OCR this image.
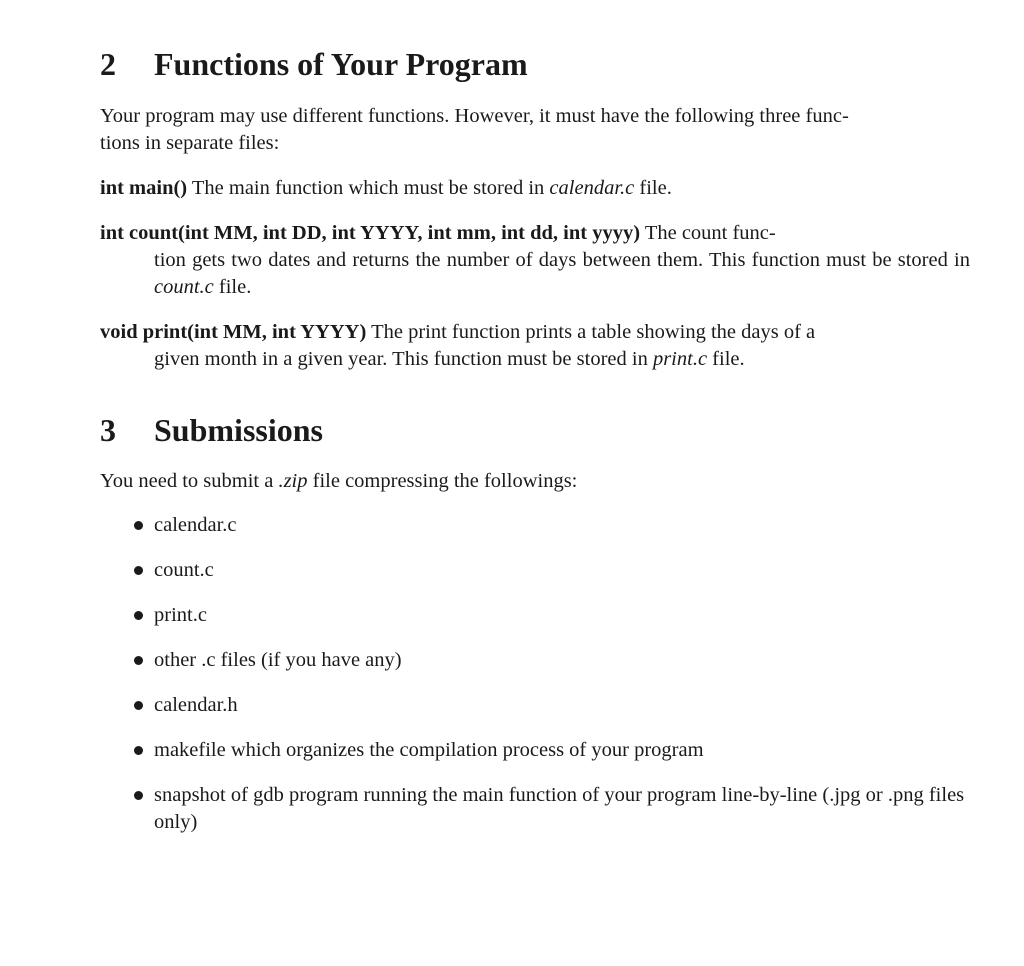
2 Functions of Your Program
Your program may use different functions. However, it must have the following three func-
tions in separate files:
int main() The main function which must be stored in calendar.c file.
int count(int MM, int DD, int YYYY, int mm, int dd, int yyyy) The count func-
tion gets two dates and returns the number of days between them. This function must be stored in count.c file.
void print(int MM, int YYYY) The print function prints a table showing the days of a
given month in a given year. This function must be stored in print.c file.
3 Submissions
You need to submit a .zip file compressing the followings:
calendar.c
count.c
print.c
other .c files (if you have any)
calendar.h
makefile which organizes the compilation process of your program
snapshot of gdb program running the main function of your program line-by-line (.jpg or .png files only)
